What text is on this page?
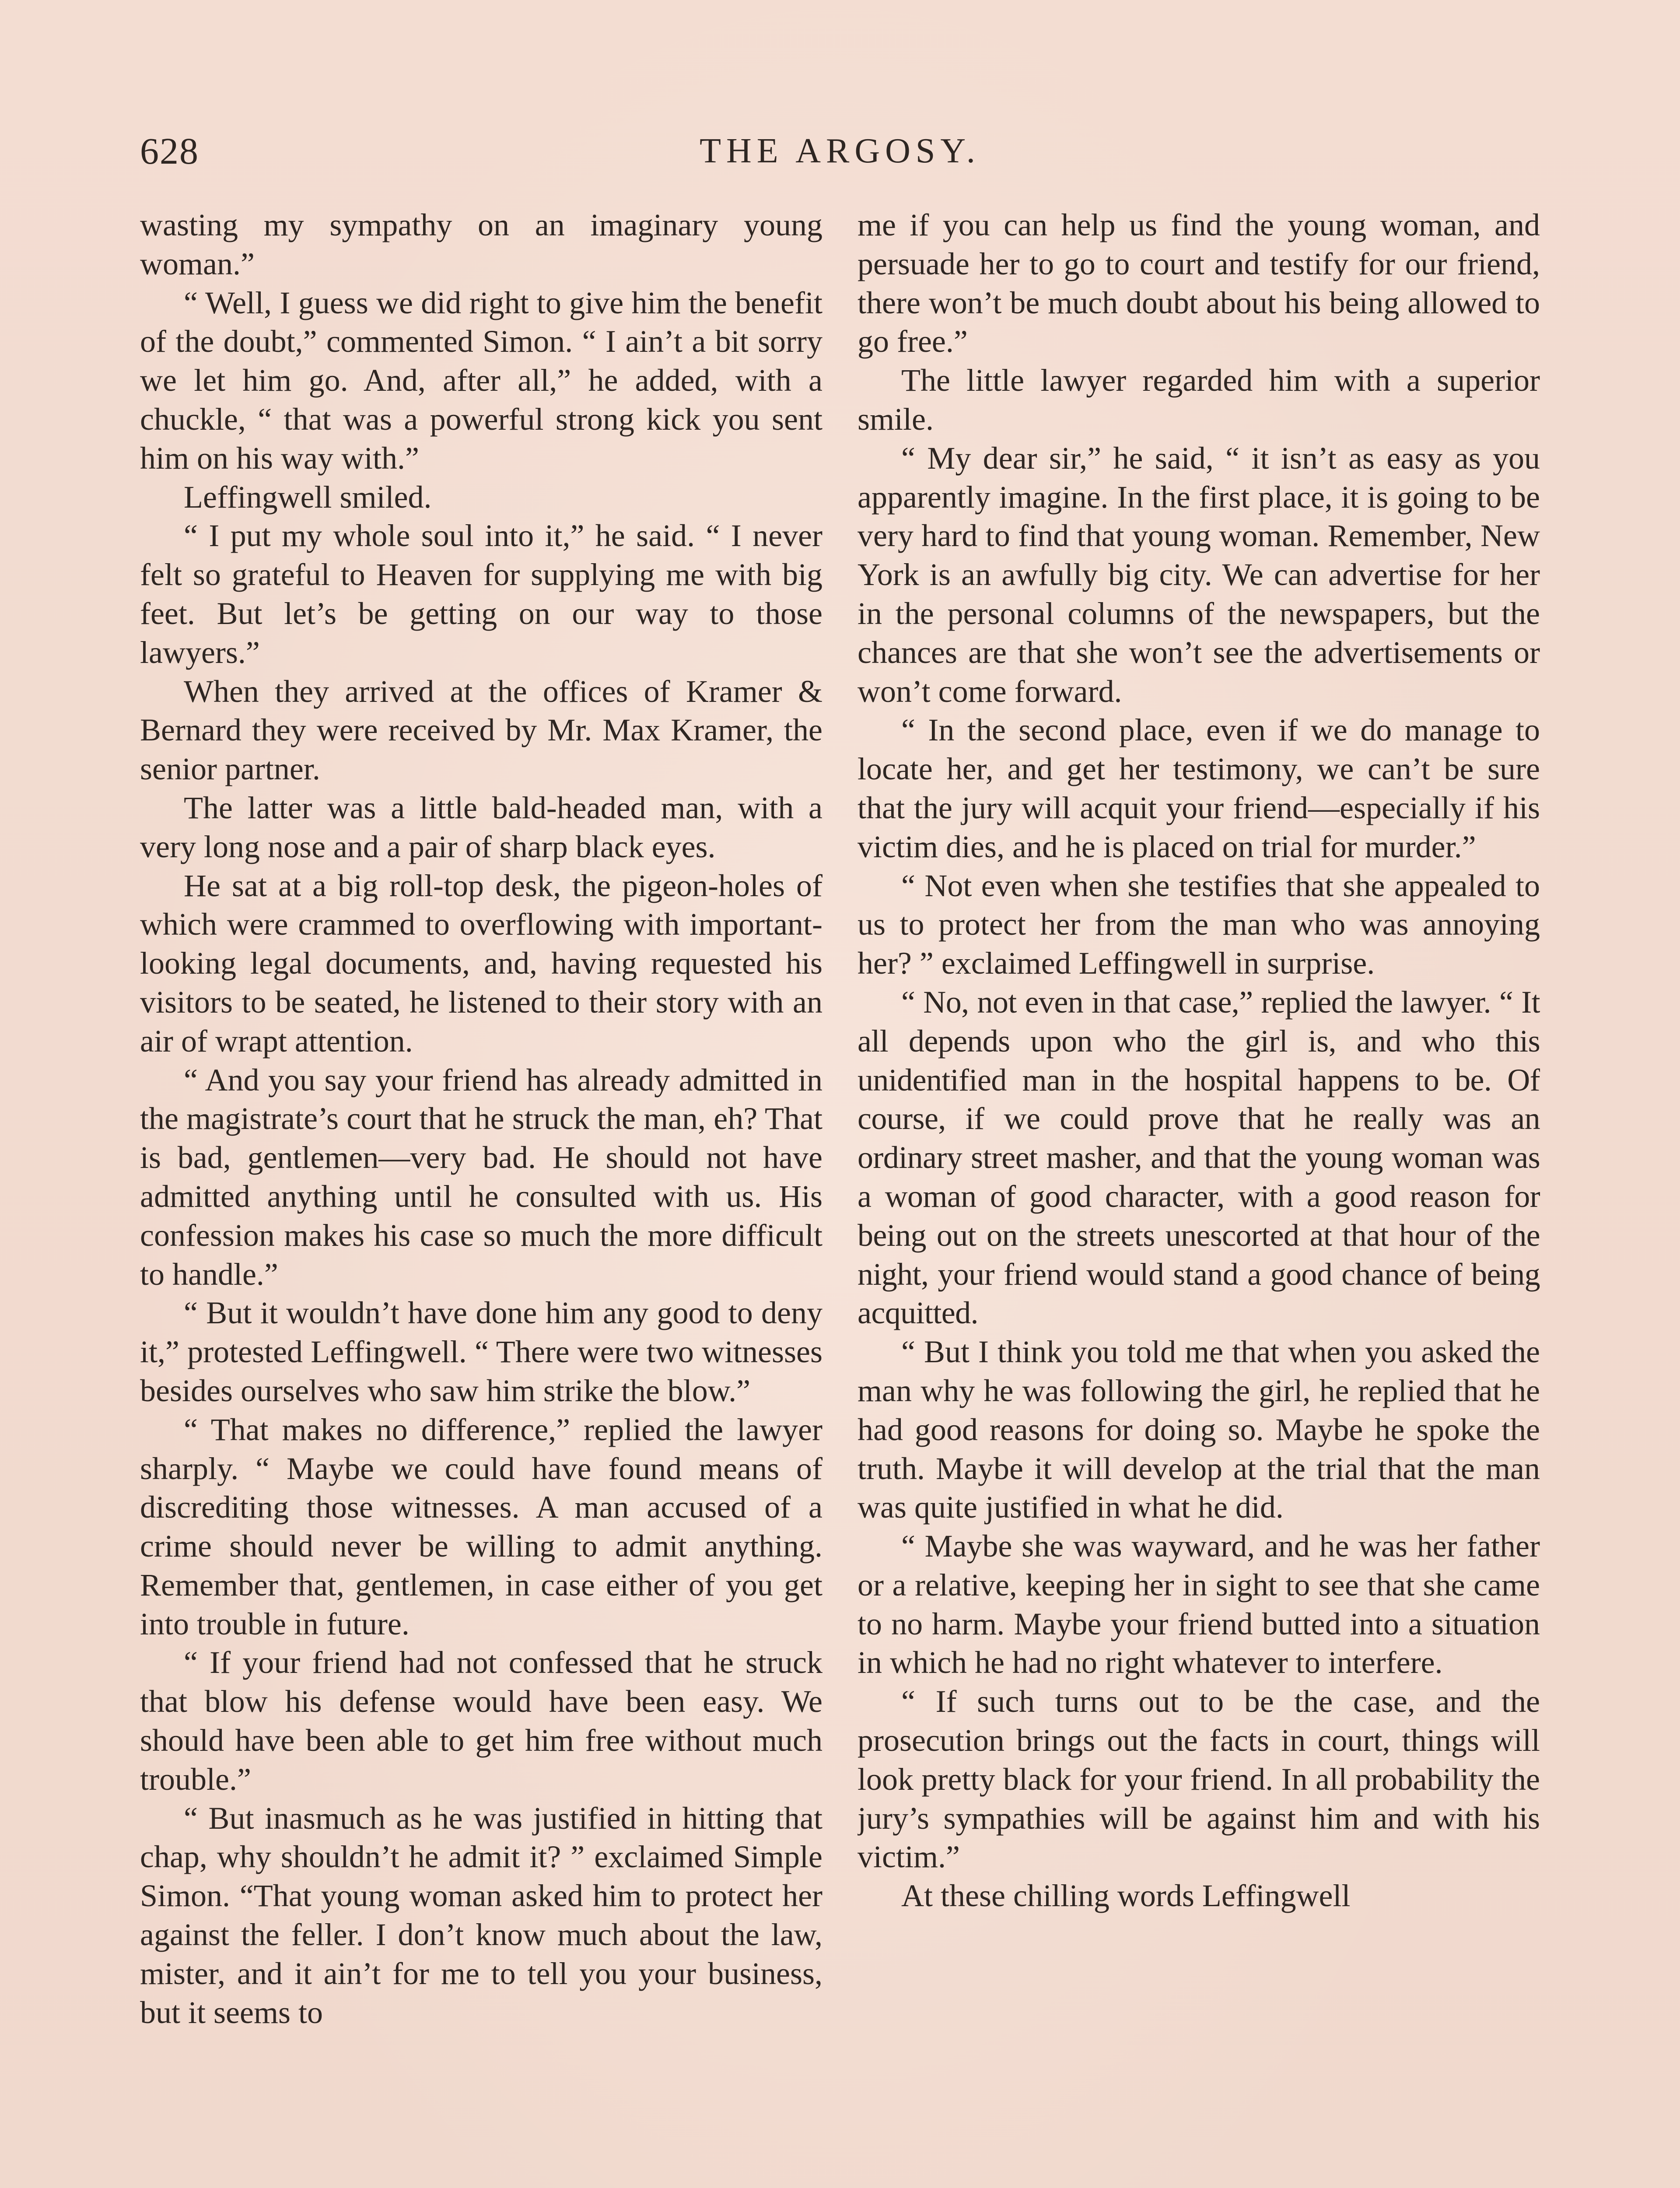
628	THE ARGOSY.

wasting my sympathy on an imaginary young woman.”

“ Well, I guess we did right to give him the benefit of the doubt,” commented Simon. “ I ain’t a bit sorry we let him go. And, after all,” he added, with a chuckle, “ that was a powerful strong kick you sent him on his way with.”

Leffingwell smiled.

“ I put my whole soul into it,” he said. “ I never felt so grateful to Heaven for supplying me with big feet. But let’s be getting on our way to those lawyers.”

When they arrived at the offices of Kramer & Bernard they were received by Mr. Max Kramer, the senior partner.

The latter was a little bald-headed man, with a very long nose and a pair of sharp black eyes.

He sat at a big roll-top desk, the pigeon-holes of which were crammed to overflowing with important-looking legal documents, and, having requested his visitors to be seated, he listened to their story with an air of wrapt attention.

“ And you say your friend has already admitted in the magistrate’s court that he struck the man, eh? That is bad, gentlemen—very bad. He should not have admitted anything until he consulted with us. His confession makes his case so much the more difficult to handle.”

“ But it wouldn’t have done him any good to deny it,” protested Leffingwell. “ There were two witnesses besides ourselves who saw him strike the blow.”

“ That makes no difference,” replied the lawyer sharply. “ Maybe we could have found means of discrediting those witnesses. A man accused of a crime should never be willing to admit anything. Remember that, gentlemen, in case either of you get into trouble in future.

“ If your friend had not confessed that he struck that blow his defense would have been easy. We should have been able to get him free without much trouble.”

“ But inasmuch as he was justified in hitting that chap, why shouldn’t he admit it? ” exclaimed Simple Simon. “That young woman asked him to protect her against the feller. I don’t know much about the law, mister, and it ain’t for me to tell you your business, but it seems to

me if you can help us find the young woman, and persuade her to go to court and testify for our friend, there won’t be much doubt about his being allowed to go free.”

The little lawyer regarded him with a superior smile.

“ My dear sir,” he said, “ it isn’t as easy as you apparently imagine. In the first place, it is going to be very hard to find that young woman. Remember, New York is an awfully big city. We can advertise for her in the personal columns of the newspapers, but the chances are that she won’t see the advertisements or won’t come forward.

“ In the second place, even if we do manage to locate her, and get her testimony, we can’t be sure that the jury will acquit your friend—especially if his victim dies, and he is placed on trial for murder.”

“ Not even when she testifies that she appealed to us to protect her from the man who was annoying her? ” exclaimed Leffingwell in surprise.

“ No, not even in that case,” replied the lawyer. “ It all depends upon who the girl is, and who this unidentified man in the hospital happens to be. Of course, if we could prove that he really was an ordinary street masher, and that the young woman was a woman of good character, with a good reason for being out on the streets unescorted at that hour of the night, your friend would stand a good chance of being acquitted.

“ But I think you told me that when you asked the man why he was following the girl, he replied that he had good reasons for doing so. Maybe he spoke the truth. Maybe it will develop at the trial that the man was quite justified in what he did.

“ Maybe she was wayward, and he was her father or a relative, keeping her in sight to see that she came to no harm. Maybe your friend butted into a situation in which he had no right whatever to interfere.

“ If such turns out to be the case, and the prosecution brings out the facts in court, things will look pretty black for your friend. In all probability the jury’s sympathies will be against him and with his victim.”

At these chilling words Leffingwell
